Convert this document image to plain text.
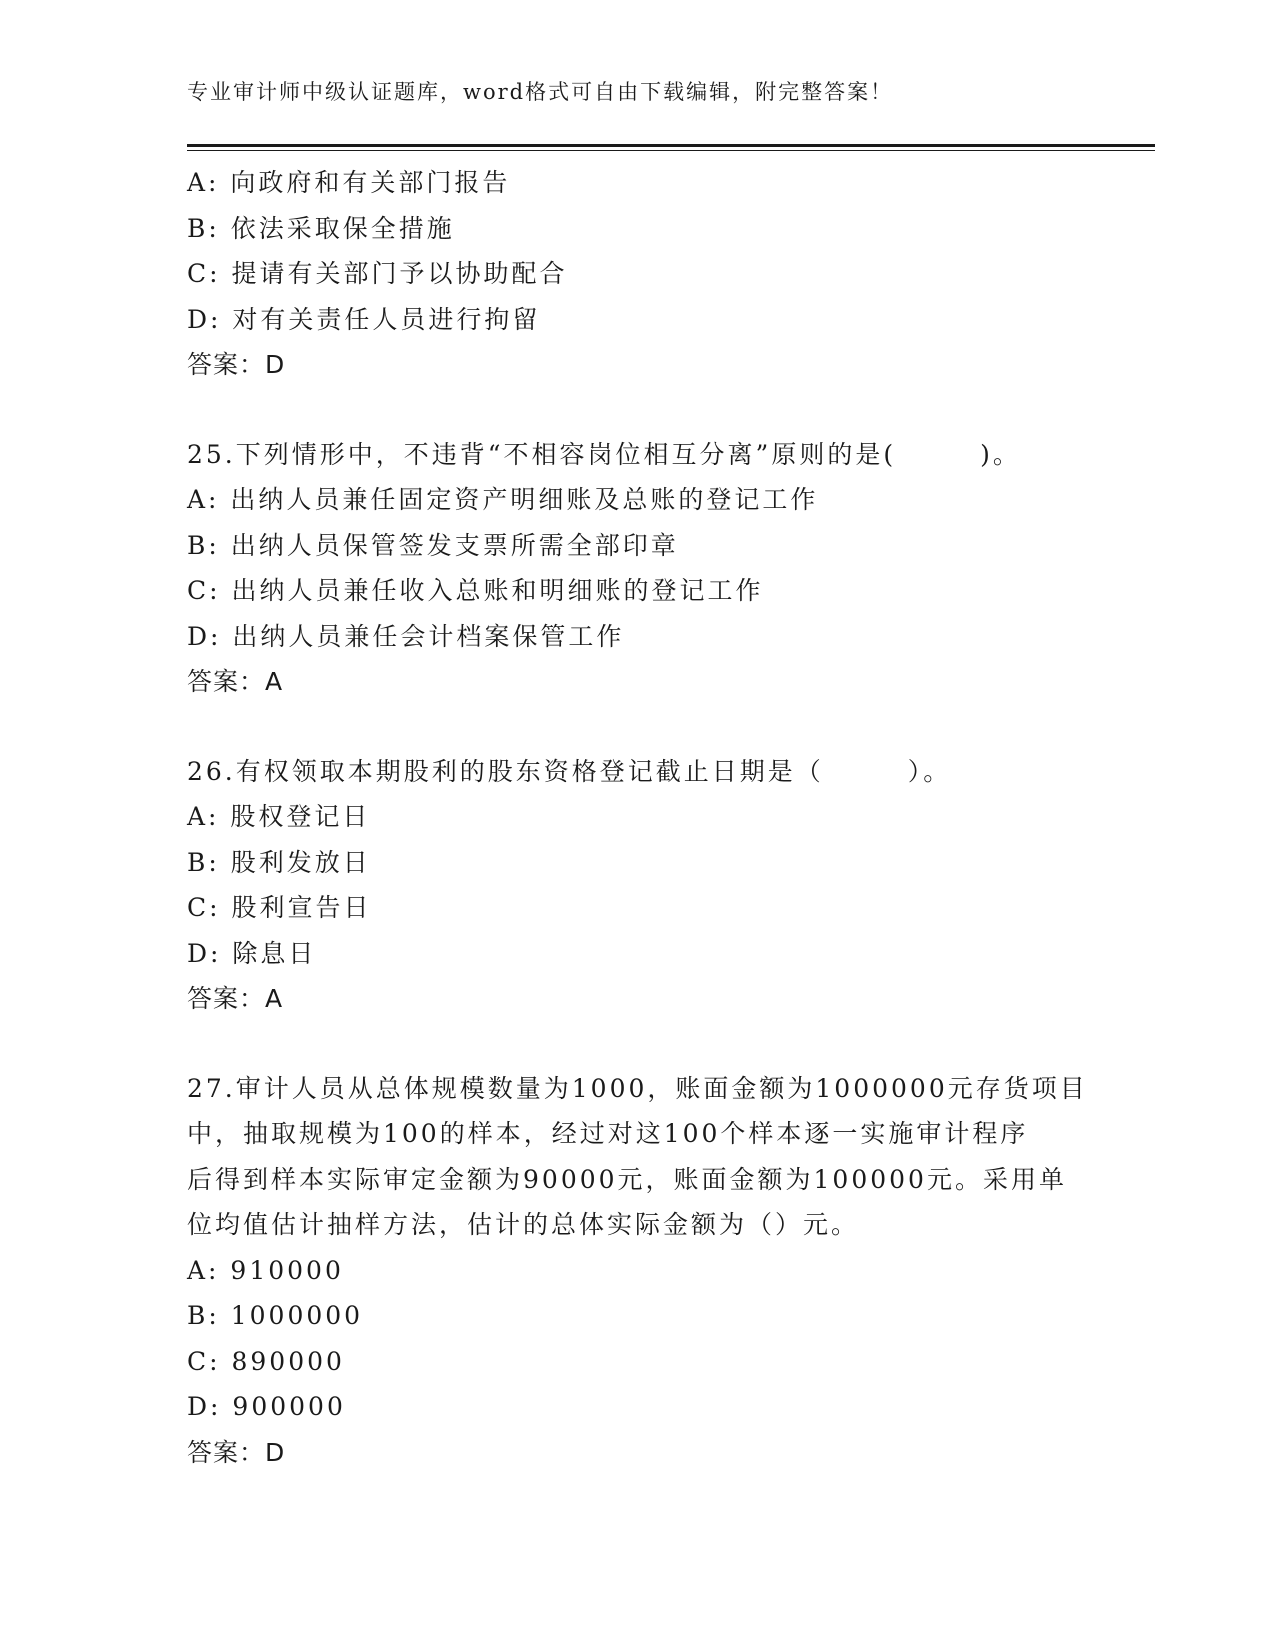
专业审计师中级认证题库，word格式可自由下载编辑，附完整答案！
A: 向政府和有关部门报告
B: 依法采取保全措施
C: 提请有关部门予以协助配合
D: 对有关责任人员进行拘留
答案：D
25.下列情形中，不违背“不相容岗位相互分离”原则的是(　　　)。
A: 出纳人员兼任固定资产明细账及总账的登记工作
B: 出纳人员保管签发支票所需全部印章
C: 出纳人员兼任收入总账和明细账的登记工作
D: 出纳人员兼任会计档案保管工作
答案：A
26.有权领取本期股利的股东资格登记截止日期是（　　　）。
A: 股权登记日
B: 股利发放日
C: 股利宣告日
D: 除息日
答案：A
27.审计人员从总体规模数量为1000，账面金额为1000000元存货项目
中，抽取规模为100的样本，经过对这100个样本逐一实施审计程序
后得到样本实际审定金额为90000元，账面金额为100000元。采用单
位均值估计抽样方法，估计的总体实际金额为（）元。
A: 910000
B: 1000000
C: 890000
D: 900000
答案：D
